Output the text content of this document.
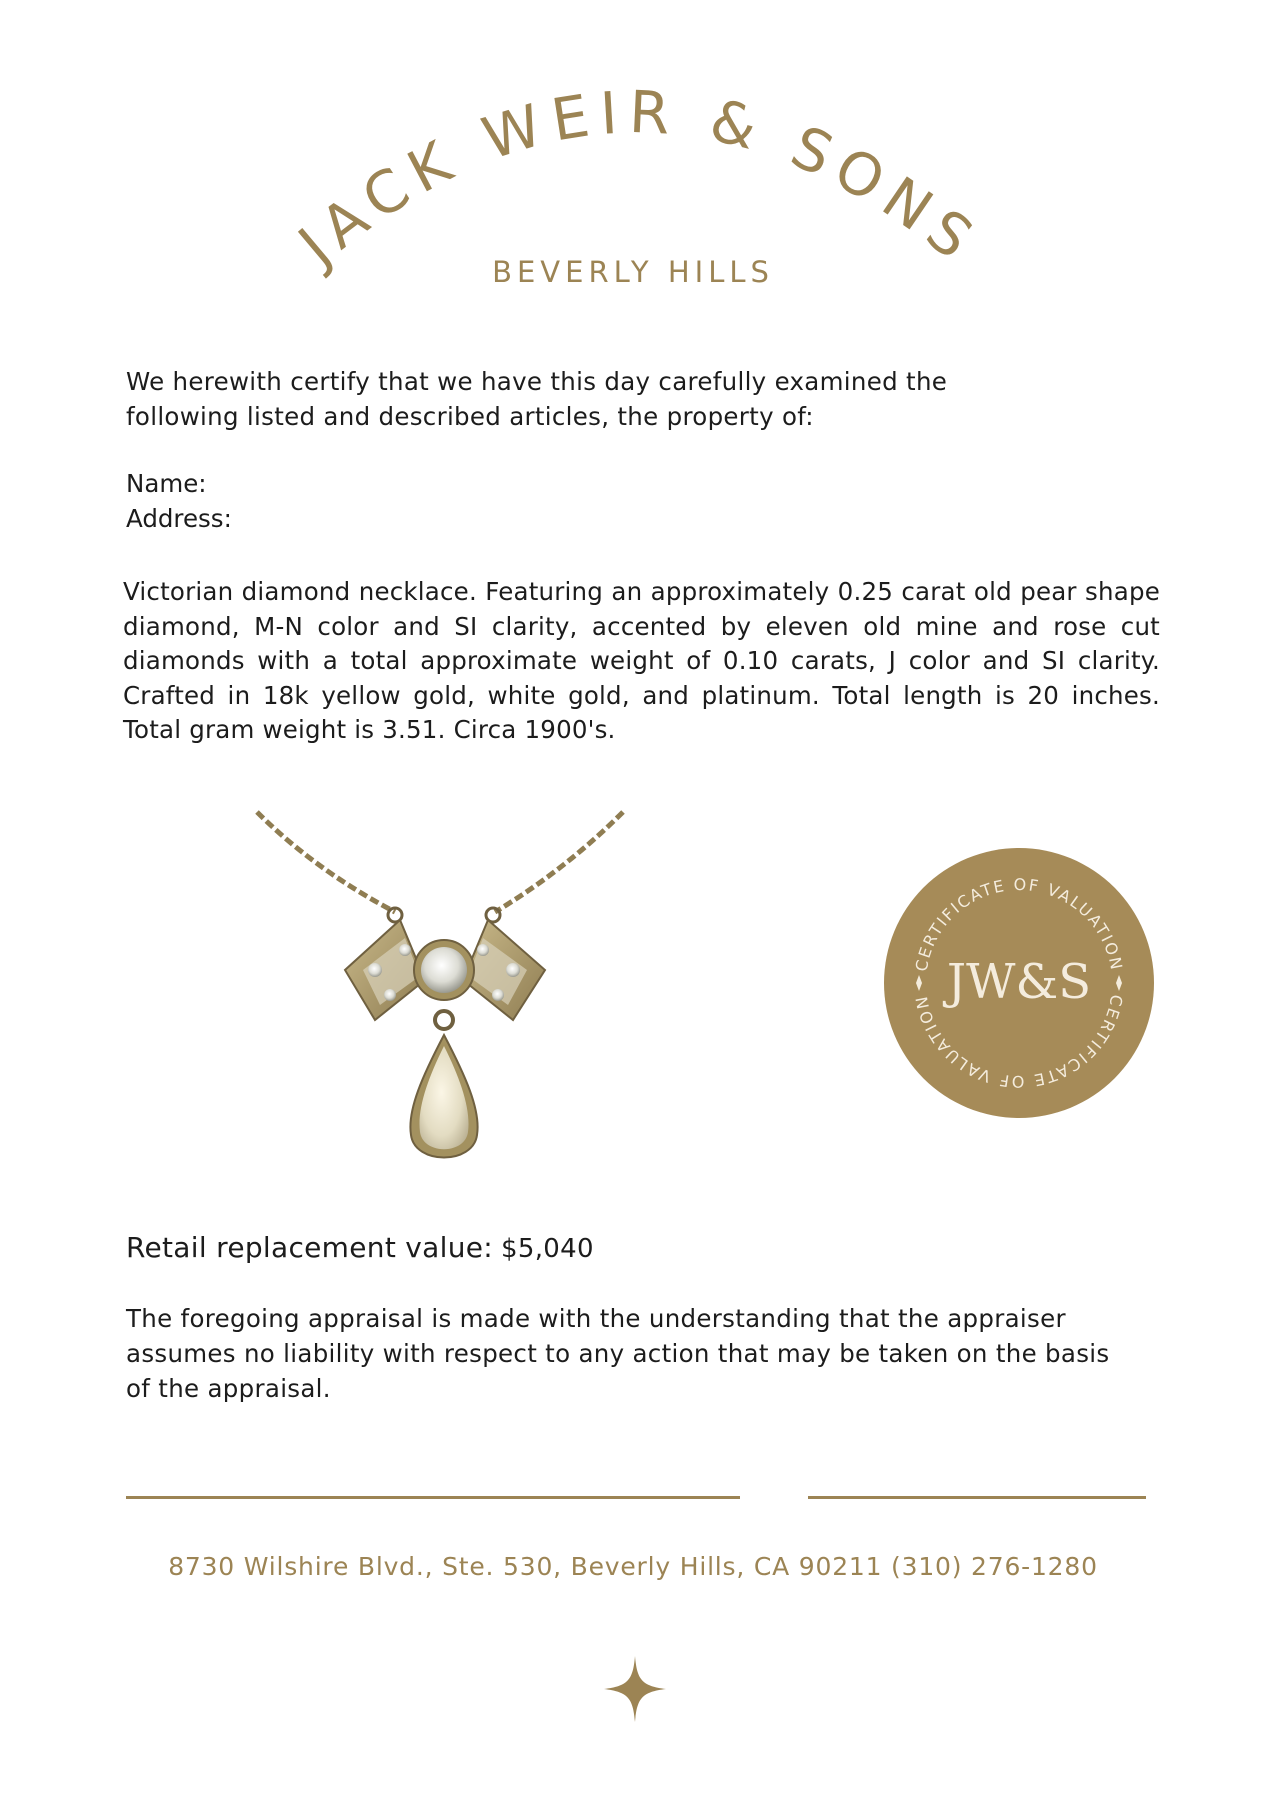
JACK WEIR & SONS
BEVERLY HILLS

We herewith certify that we have this day carefully examined the following listed and described articles, the property of:

Name:
Address:

Victorian diamond necklace. Featuring an approximately 0.25 carat old pear shape diamond, M-N color and SI clarity, accented by eleven old mine and rose cut diamonds with a total approximate weight of 0.10 carats, J color and SI clarity. Crafted in 18k yellow gold, white gold, and platinum. Total length is 20 inches. Total gram weight is 3.51. Circa 1900's.

CERTIFICATE OF VALUATION
CERTIFICATE OF VALUATION JW&S
Retail replacement value: $5,040

The foregoing appraisal is made with the understanding that the appraiser assumes no liability with respect to any action that may be taken on the basis of the appraisal.

8730 Wilshire Blvd., Ste. 530, Beverly Hills, CA 90211 (310) 276-1280
